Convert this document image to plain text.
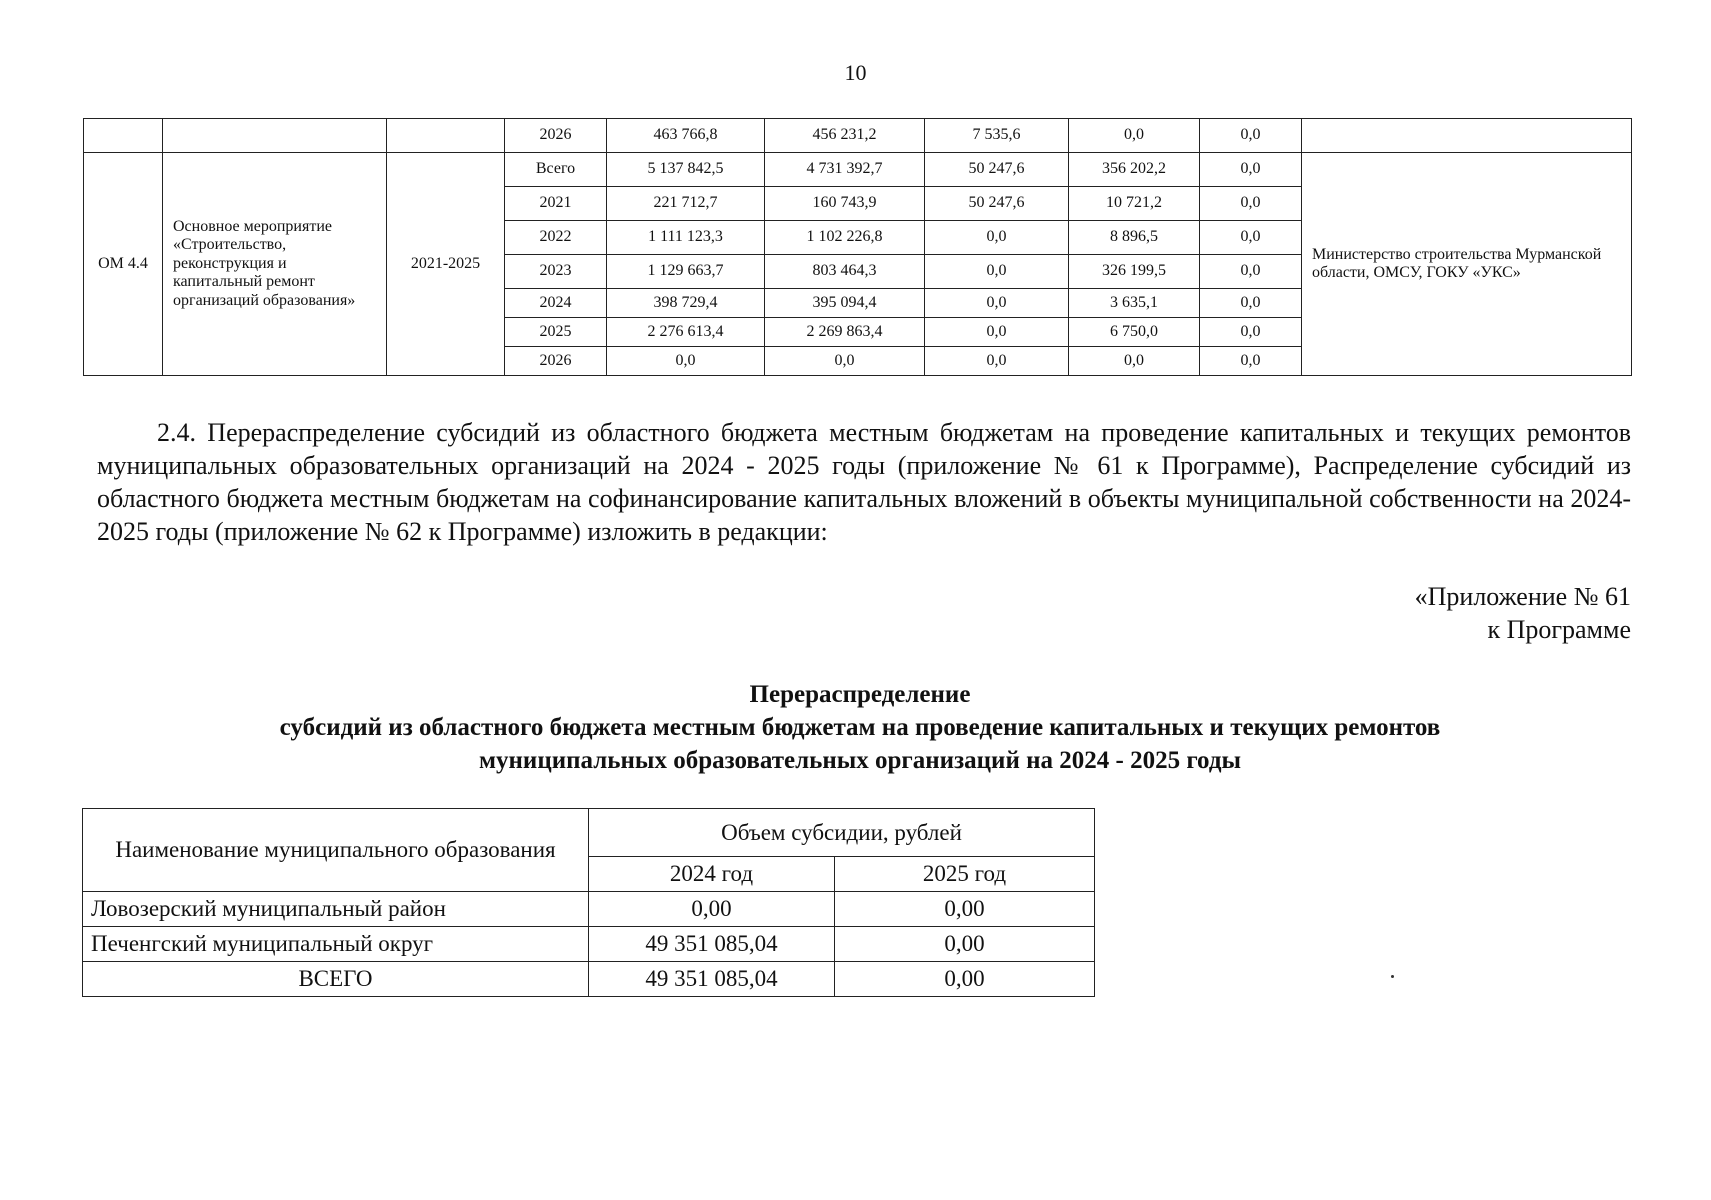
10
			2026	463 766,8	456 231,2	7 535,6	0,0	0,0	
ОМ 4.4	Основное мероприятие «Строительство, реконструкция и капитальный ремонт организаций образования»	2021-2025	Всего	5 137 842,5	4 731 392,7	50 247,6	356 202,2	0,0	Министерство строительства Мурманской области, ОМСУ, ГОКУ «УКС»
			2021	221 712,7	160 743,9	50 247,6	10 721,2	0,0	
			2022	1 111 123,3	1 102 226,8	0,0	8 896,5	0,0	
			2023	1 129 663,7	803 464,3	0,0	326 199,5	0,0	
			2024	398 729,4	395 094,4	0,0	3 635,1	0,0	
			2025	2 276 613,4	2 269 863,4	0,0	6 750,0	0,0	
			2026	0,0	0,0	0,0	0,0	0,0	
2.4. Перераспределение субсидий из областного бюджета местным бюджетам на проведение капитальных и текущих ремонтов муниципальных образовательных организаций на 2024 - 2025 годы (приложение № 61 к Программе), Распределение субсидий из областного бюджета местным бюджетам на софинансирование капитальных вложений в объекты муниципальной собственности на 2024-2025 годы (приложение № 62 к Программе) изложить в редакции:
«Приложение № 61
к Программе
Перераспределение
субсидий из областного бюджета местным бюджетам на проведение капитальных и текущих ремонтов
муниципальных образовательных организаций на 2024 - 2025 годы
Наименование муниципального образования	Объем субсидии, рублей	
	2024 год	2025 год
Ловозерский муниципальный район	0,00	0,00
Печенгский муниципальный округ	49 351 085,04	0,00
ВСЕГО	49 351 085,04	0,00
